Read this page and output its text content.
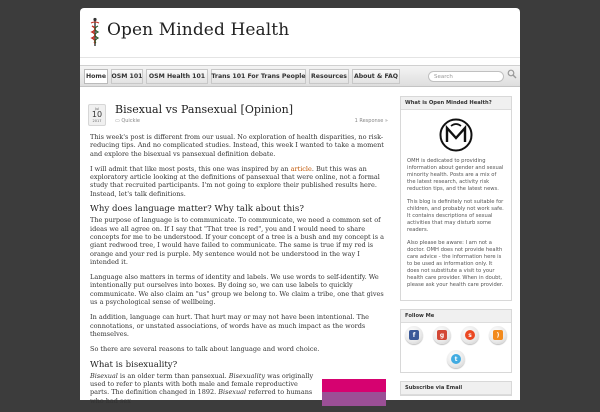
Open Minded Health
Home OSM 101	OSM Health 101	Trans 101 For Trans People Resources	About & FAQ	Search
Jul
10
2017
Bisexual vs Pansexual [Opinion]
▭ Quickie	1 Response »

This week's post is different from our usual. No exploration of health disparities, no risk-reducing tips. And no complicated studies. Instead, this week I wanted to take a moment and explore the bisexual vs pansexual definition debate.

I will admit that like most posts, this one was inspired by an article. But this was an exploratory article looking at the definitions of pansexual that were online, not a formal study that recruited participants. I'm not going to explore their published results here. Instead, let's talk definitions.

Why does language matter? Why talk about this?

The purpose of language is to communicate. To communicate, we need a common set of ideas we all agree on. If I say that "That tree is red", you and I would need to share concepts for me to be understood. If your concept of a tree is a bush and my concept is a giant redwood tree, I would have failed to communicate. The same is true if my red is orange and your red is purple. My sentence would not be understood in the way I intended it.

Language also matters in terms of identity and labels. We use words to self-identify. We intentionally put ourselves into boxes. By doing so, we can use labels to quickly communicate. We also claim an "us" group we belong to. We claim a tribe, one that gives us a psychological sense of wellbeing.

In addition, language can hurt. That hurt may or may not have been intentional. The connotations, or unstated associations, of words have as much impact as the words themselves.

So there are several reasons to talk about language and word choice.

What is bisexuality?

Bisexual is an older term than pansexual. Bisexuality was originally used to refer to plants with both male and female reproductive parts. The definition changed in 1892. Bisexual referred to humans who had sex

What is Open Minded Health?

OMH is dedicated to providing information about gender and sexual minority health. Posts are a mix of the latest research, activity risk reduction tips, and the latest news.

This blog is definitely not suitable for children, and probably not work safe. It contains descriptions of sexual activities that may disturb some readers.

Also please be aware: I am not a doctor. OMH does not provide health care advice - the information here is to be used as information only. It does not substitute a visit to your health care provider. When in doubt, please ask your health care provider.

Follow Me
f	g	s	)
t
Subscribe via Email
